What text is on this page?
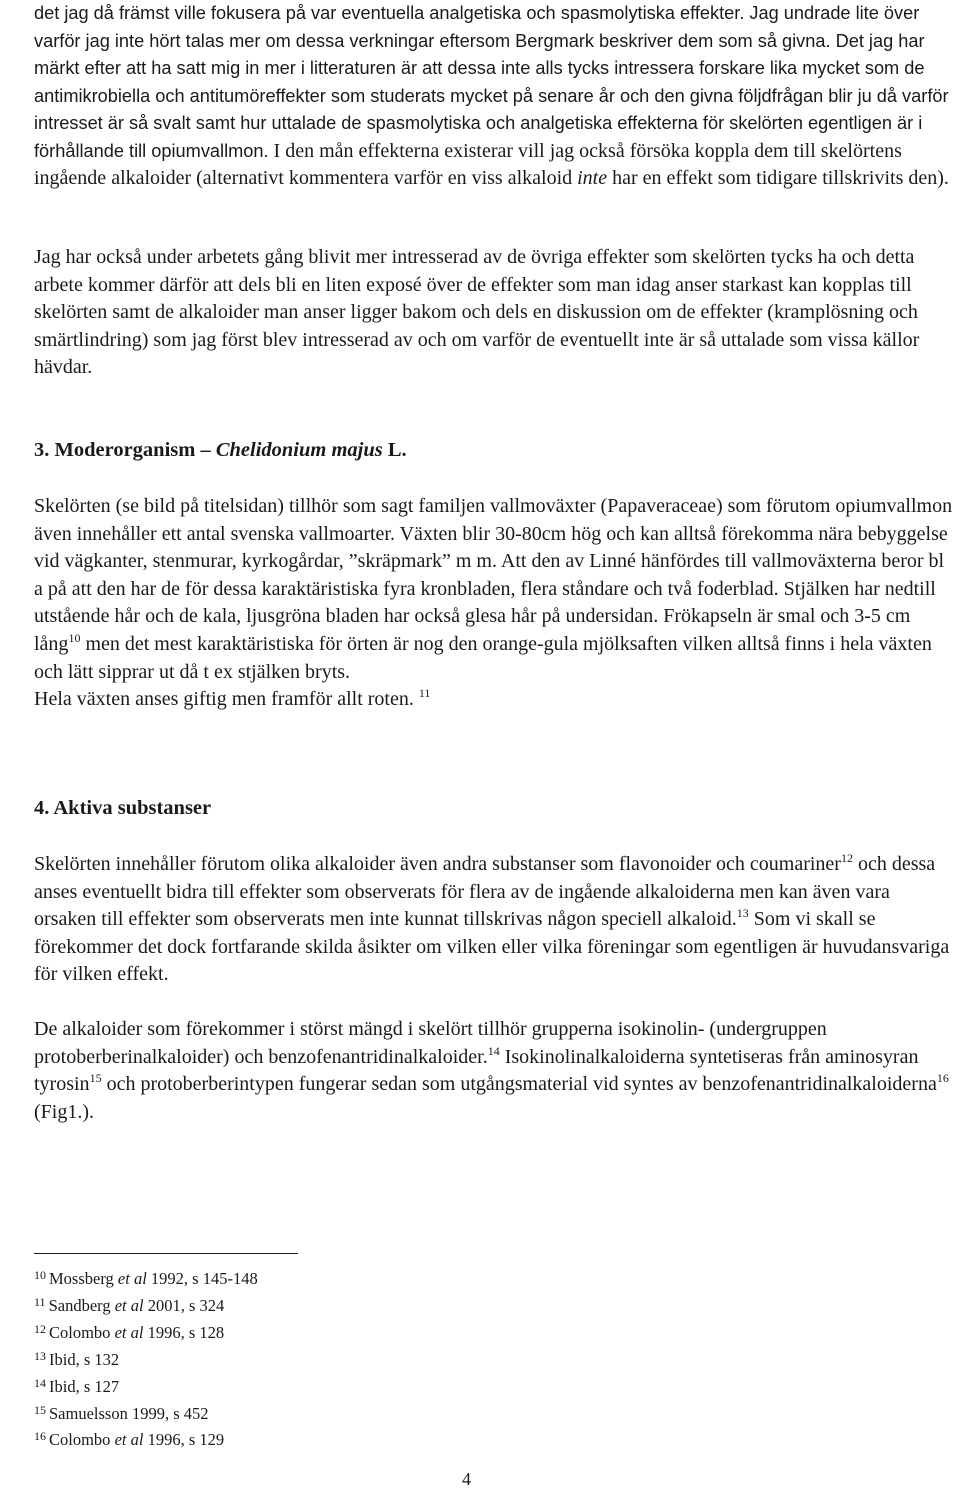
det jag då främst ville fokusera på var eventuella analgetiska och spasmolytiska effekter. Jag undrade lite över varför jag inte hört talas mer om dessa verkningar eftersom Bergmark beskriver dem som så givna. Det jag har märkt efter att ha satt mig in mer i litteraturen är att dessa inte alls tycks intressera forskare lika mycket som de antimikrobiella och antitumöreffekter som studerats mycket på senare år och den givna följdfrågan blir ju då varför intresset är så svalt samt hur uttalade de spasmolytiska och analgetiska effekterna för skelörten egentligen är i förhållande till opiumvallmon. I den mån effekterna existerar vill jag också försöka koppla dem till skelörtens ingående alkaloider (alternativt kommentera varför en viss alkaloid inte har en effekt som tidigare tillskrivits den).

Jag har också under arbetets gång blivit mer intresserad av de övriga effekter som skelörten tycks ha och detta arbete kommer därför att dels bli en liten exposé över de effekter som man idag anser starkast kan kopplas till skelörten samt de alkaloider man anser ligger bakom och dels en diskussion om de effekter (kramplösning och smärtlindring) som jag först blev intresserad av och om varför de eventuellt inte är så uttalade som vissa källor hävdar.

3. Moderorganism – Chelidonium majus L.

Skelörten (se bild på titelsidan) tillhör som sagt familjen vallmoväxter (Papaveraceae) som förutom opiumvallmon även innehåller ett antal svenska vallmoarter. Växten blir 30-80cm hög och kan alltså förekomma nära bebyggelse vid vägkanter, stenmurar, kyrkogårdar, ”skräpmark” m m. Att den av Linné hänfördes till vallmoväxterna beror bl a på att den har de för dessa karaktäristiska fyra kronbladen, flera ståndare och två foderblad. Stjälken har nedtill utstående hår och de kala, ljusgröna bladen har också glesa hår på undersidan. Frökapseln är smal och 3-5 cm lång$^{10}$ men det mest karaktäristiska för örten är nog den orange-gula mjölksaften vilken alltså finns i hela växten och lätt sipprar ut då t ex stjälken bryts.

Hela växten anses giftig men framför allt roten. $^{11}$

4. Aktiva substanser

Skelörten innehåller förutom olika alkaloider även andra substanser som flavonoider och coumariner$^{12}$ och dessa anses eventuellt bidra till effekter som observerats för flera av de ingående alkaloiderna men kan även vara orsaken till effekter som observerats men inte kunnat tillskrivas någon speciell alkaloid.$^{13}$ Som vi skall se förekommer det dock fortfarande skilda åsikter om vilken eller vilka föreningar som egentligen är huvudansvariga för vilken effekt.

De alkaloider som förekommer i störst mängd i skelört tillhör grupperna isokinolin- (undergruppen protoberberinalkaloider) och benzofenantridinalkaloider.$^{14}$ Isokinolinalkaloiderna syntetiseras från aminosyran tyrosin$^{15}$ och protoberberintypen fungerar sedan som utgångsmaterial vid syntes av benzofenantridinalkaloiderna$^{16}$ (Fig1.).

$^{10}$ Mossberg et al 1992, s 145-148
$^{11}$ Sandberg et al 2001, s 324
$^{12}$ Colombo et al 1996, s 128
$^{13}$ Ibid, s 132
$^{14}$ Ibid, s 127
$^{15}$ Samuelsson 1999, s 452
$^{16}$ Colombo et al 1996, s 129
4
